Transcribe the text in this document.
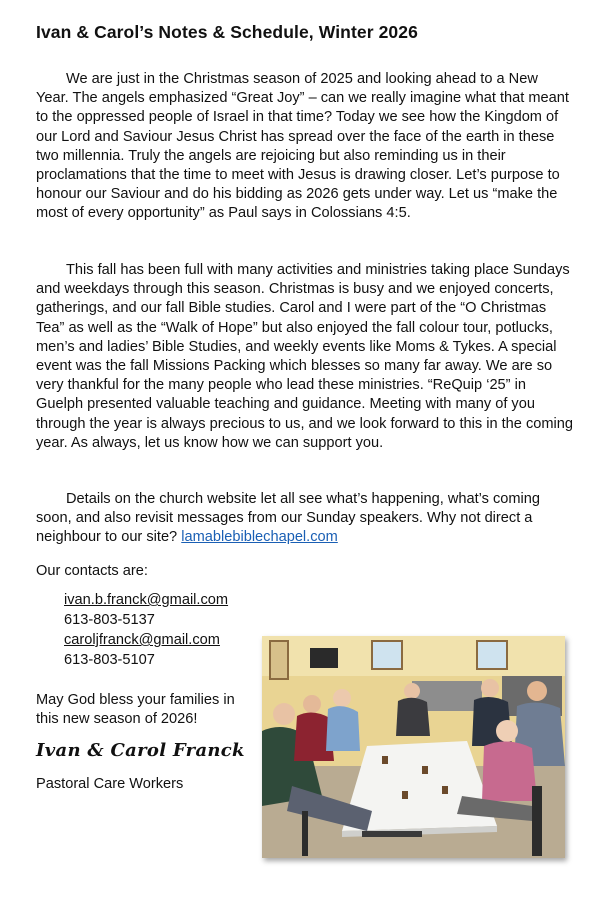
Ivan & Carol’s Notes & Schedule, Winter 2026

We are just in the Christmas season of 2025 and looking ahead to a New Year. The angels emphasized “Great Joy” – can we really imagine what that meant to the oppressed people of Israel in that time? Today we see how the Kingdom of our Lord and Saviour Jesus Christ has spread over the face of the earth in these two millennia. Truly the angels are rejoicing but also reminding us in their proclamations that the time to meet with Jesus is drawing closer. Let’s purpose to honour our Saviour and do his bidding as 2026 gets under way. Let us “make the most of every opportunity” as Paul says in Colossians 4:5.

This fall has been full with many activities and ministries taking place Sundays and weekdays through this season. Christmas is busy and we enjoyed concerts, gatherings, and our fall Bible studies. Carol and I were part of the “O Christmas Tea” as well as the “Walk of Hope” but also enjoyed the fall colour tour, potlucks, men’s and ladies’ Bible Studies, and weekly events like Moms & Tykes. A special event was the fall Missions Packing which blesses so many far away. We are so very thankful for the many people who lead these ministries. “ReQuip ‘25” in Guelph presented valuable teaching and guidance. Meeting with many of you through the year is always precious to us, and we look forward to this in the coming year. As always, let us know how we can support you.

Details on the church website let all see what’s happening, what’s coming soon, and also revisit messages from our Sunday speakers. Why not direct a neighbour to our site? lamablebiblechapel.com

Our contacts are:

ivan.b.franck@gmail.com

613-803-5137

caroljfranck@gmail.com

613-803-5107

May God bless your families in this new season of 2026!

Ivan & Carol Franck

Pastoral Care Workers
